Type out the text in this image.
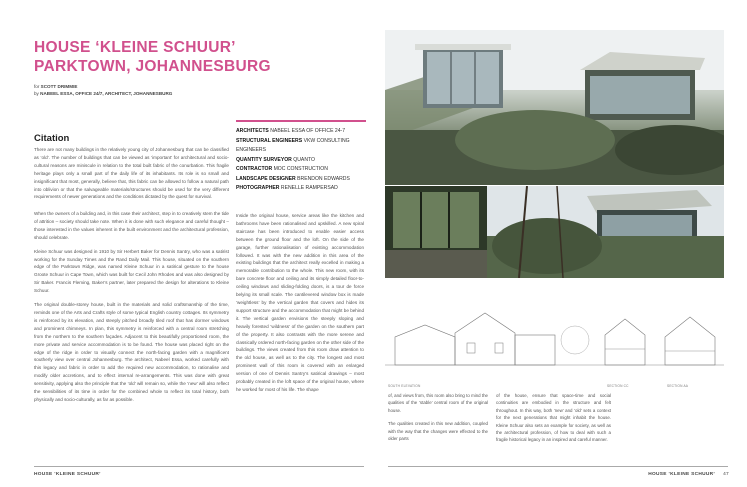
HOUSE ‘KLEINE SCHUUR’
PARKTOWN, JOHANNESBURG
for SCOTT DRIMMIE
by NABEEL ESSA, OFFICE 24/7, ARCHITECT, JOHANNESBURG
Citation

There are not many buildings in the relatively young city of Johannesburg that can be classified as ‘old’. The number of buildings that can be viewed as ‘important’ for architectural and socio-cultural reasons are miniscule in relation to the total built fabric of the conurbation. This fragile heritage plays only a small part of the daily life of its inhabitants. Its role is so small and insignificant that most, generally, believe that, this fabric can be allowed to follow a natural path into oblivion or that the salvageable materials/structures should be used for the very different requirements of newer generations and the conditions dictated by the quest for survival.

When the owners of a building and, in this case their architect, step in to creatively stem the tide of attrition – society should take note. When it is done with such elegance and careful thought – those interested in the values inherent in the built environment and the architectural profession, should celebrate.

Kleine Schuur was designed in 1910 by Sir Herbert Baker for Dennis Santry, who was a satirist working for the Sunday Times and the Rand Daily Mail. This house, situated on the southern edge of the Parktown Ridge, was named Kleine Schuur in a satirical gesture to the house Groote Schuur in Cape Town, which was built for Cecil John Rhodes and was also designed by Sir Baker. Francis Fleming, Baker’s partner, later prepared the design for alterations to Kleine Schuur.

The original double-storey house, built in the materials and solid craftsmanship of the time, reminds one of the Arts and Crafts style of some typical English country cottages. Its symmetry is reinforced by its elevation, and steeply pitched broadly tiled roof that has dormer windows and prominent chimneys. In plan, this symmetry is reinforced with a central room stretching from the northern to the southern façades. Adjacent to this beautifully proportioned room, the more private and service accommodation is to be found. The house was placed right on the edge of the ridge in order to visually connect the north-facing garden with a magnificent southerly view over central Johannesburg. The architect, Nabeel Essa, worked carefully with this legacy and fabric in order to add the required new accommodation, to rationalise and modify older accretions, and to effect internal re-arrangements. This was done with great sensitivity, applying also the principle that the ‘old’ will remain so, while the ‘new’ will also reflect the sensibilities of its time in order for the combined whole to reflect its total history, both physically and socio-culturally, as far as possible.

ARCHITECTS NABEEL ESSA OF OFFICE 24-7
STRUCTURAL ENGINEERS VKW CONSULTING ENGINEERS
QUANTITY SURVEYOR QUANTO
CONTRACTOR MOC CONSTRUCTION
LANDSCAPE DESIGNER BRENDON EDWARDS
PHOTOGRAPHER RENELLE RAMPERSAD

Inside the original house, service areas like the kitchen and bathrooms have been rationalised and upskilled. A new spiral staircase has been introduced to enable easier access between the ground floor and the loft. On the side of the garage, further rationalisation of existing accommodation followed. It was with the new addition in this area of the existing buildings that the architect really excelled in making a memorable contribution to the whole. This new room, with its bare concrete floor and ceiling and its simply detailed floor-to-ceiling windows and sliding-folding doors, is a tour de force belying its small scale. The cantilevered window box is made ‘weightless’ by the vertical garden that covers and hides its support structure and the accommodation that might be behind it. The vertical garden envisions the steeply sloping and heavily forested ‘wildness’ of the garden on the southern part of the property. It also contrasts with the more serene and classically ordered north-facing garden on the other side of the buildings. The views created from this room draw attention to the old house, as well as to the city. The longest and most prominent wall of this room is covered with an enlarged version of one of Dennis Santry’s satirical drawings – most probably created in the loft space of the original house, where he worked for most of his life. The shape

HOUSE ‘KLEINE SCHUUR’
SOUTH ELEVATION	SECTION CC	SECTION AA
of, and views from, this room also bring to mind the qualities of the ‘stable’ central room of the original house.
The qualities created in this new addition, coupled with the way that the changes were effected to the older parts
of the house, ensure that space-time and social continuities are embodied in the structure and felt throughout. In this way, both ‘new’ and ‘old’ sets a context for the next generations that might inhabit the house. Kleine Schuur also sets an example for society, as well as the architectural profession, of how to deal with such a fragile historical legacy in an inspired and careful manner.
HOUSE ‘KLEINE SCHUUR’ 47
